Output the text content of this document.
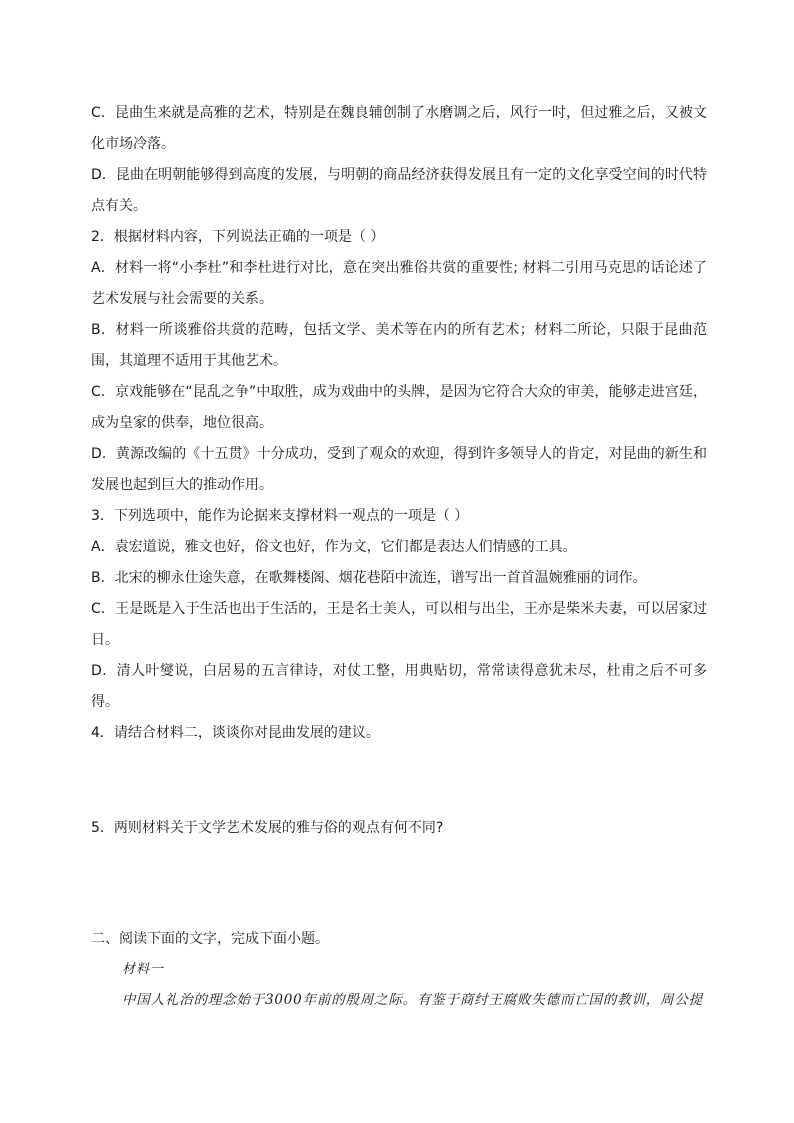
C．昆曲生来就是高雅的艺术，特别是在魏良辅创制了水磨调之后，风行一时，但过雅之后，又被文化市场冷落。

D．昆曲在明朝能够得到高度的发展，与明朝的商品经济获得发展且有一定的文化享受空间的时代特点有关。

2．根据材料内容，下列说法正确的一项是（ ）

A．材料一将“小李杜”和李杜进行对比，意在突出雅俗共赏的重要性; 材料二引用马克思的话论述了艺术发展与社会需要的关系。

B．材料一所谈雅俗共赏的范畴，包括文学、美术等在内的所有艺术；材料二所论，只限于昆曲范围，其道理不适用于其他艺术。

C．京戏能够在“昆乱之争”中取胜，成为戏曲中的头牌，是因为它符合大众的审美，能够走进宫廷，成为皇家的供奉，地位很高。

D．黄源改编的《十五贯》十分成功，受到了观众的欢迎，得到许多领导人的肯定，对昆曲的新生和发展也起到巨大的推动作用。

3．下列选项中，能作为论据来支撑材料一观点的一项是（ ）

A．袁宏道说，雅文也好，俗文也好，作为文，它们都是表达人们情感的工具。

B．北宋的柳永仕途失意，在歌舞楼阁、烟花巷陌中流连，谱写出一首首温婉雅丽的词作。

C．王是既是入于生活也出于生活的，王是名士美人，可以相与出尘，王亦是柴米夫妻，可以居家过日。

D．清人叶燮说，白居易的五言律诗，对仗工整，用典贴切，常常读得意犹未尽，杜甫之后不可多得。

4．请结合材料二，谈谈你对昆曲发展的建议。

5．两则材料关于文学艺术发展的雅与俗的观点有何不同?

二、阅读下面的文字，完成下面小题。

材料一
中国人礼治的理念始于3000年前的殷周之际。有鉴于商纣王腐败失德而亡国的教训，周公提
